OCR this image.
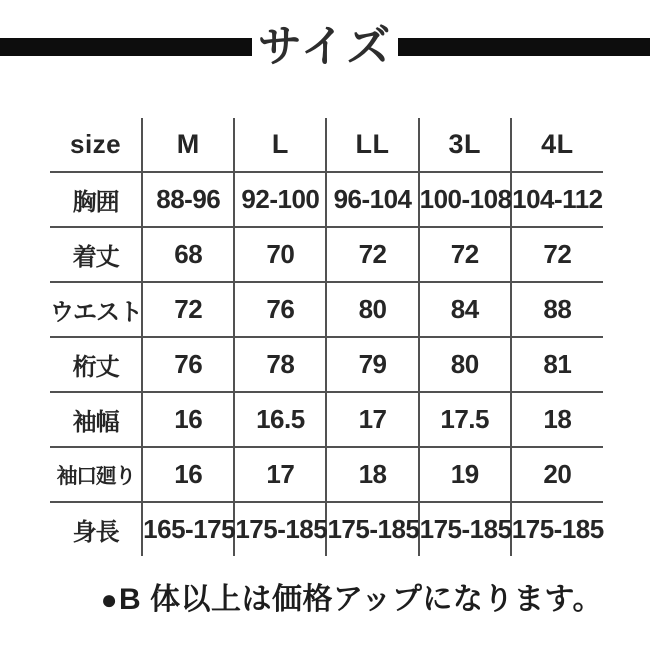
サイズ
size	M	L	LL	3L	4L
胸囲	88-96	92-100	96-104	100-108	104-112
着丈	68	70	72	72	72
ウエスト	72	76	80	84	88
桁丈	76	78	79	80	81
袖幅	16	16.5	17	17.5	18
袖口廻り	16	17	18	19	20
身長	165-175	175-185	175-185	175-185	175-185
●B 体以上は価格アップになります。
